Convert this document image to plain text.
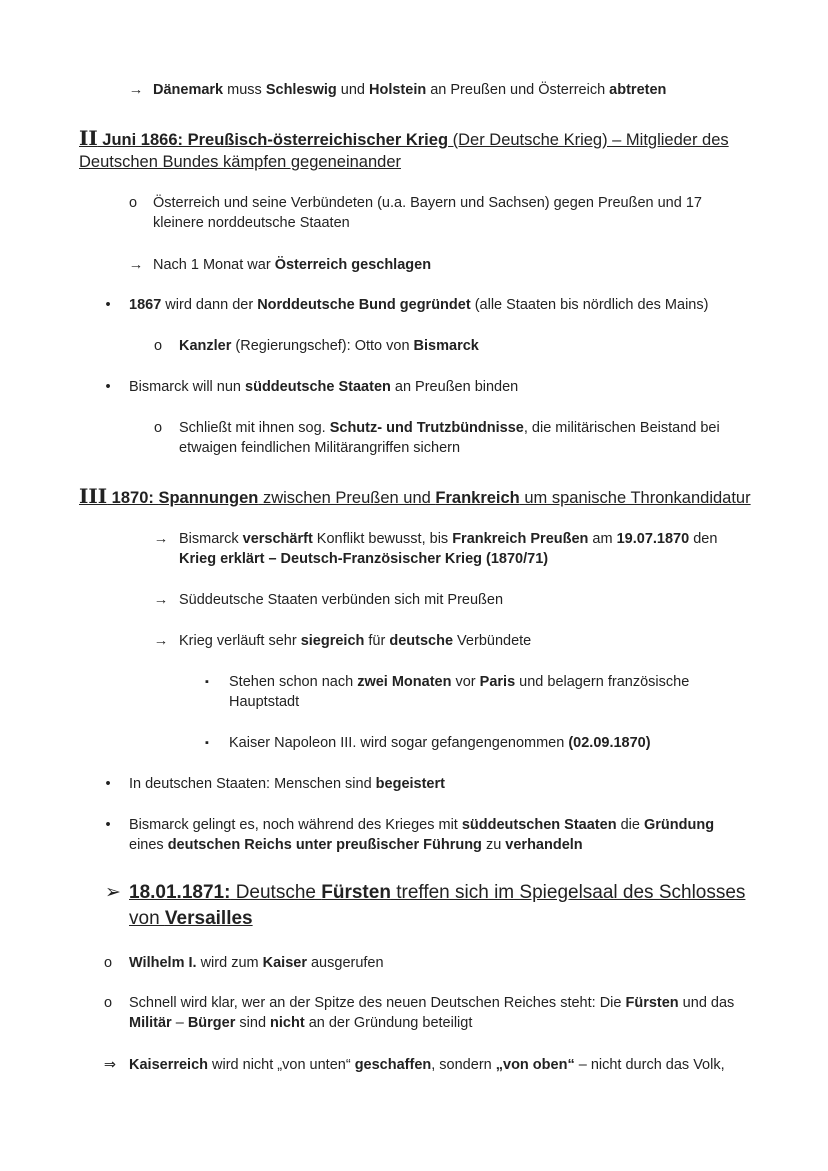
→ Dänemark muss Schleswig und Holstein an Preußen und Österreich abtreten
II Juni 1866: Preußisch-österreichischer Krieg (Der Deutsche Krieg) – Mitglieder des
Deutschen Bundes kämpfen gegeneinander
o Österreich und seine Verbündeten (u.a. Bayern und Sachsen) gegen Preußen und 17
kleinere norddeutsche Staaten
→ Nach 1 Monat war Österreich geschlagen
•	1867 wird dann der Norddeutsche Bund gegründet (alle Staaten bis nördlich des Mains)
o Kanzler (Regierungschef): Otto von Bismarck
•	Bismarck will nun süddeutsche Staaten an Preußen binden
o Schließt mit ihnen sog. Schutz- und Trutzbündnisse, die militärischen Beistand bei
etwaigen feindlichen Militärangriffen sichern
III 1870: Spannungen zwischen Preußen und Frankreich um spanische Thronkandidatur
→ Bismarck verschärft Konflikt bewusst, bis Frankreich Preußen am 19.07.1870 den
Krieg erklärt – Deutsch-Französischer Krieg (1870/71)
→ Süddeutsche Staaten verbünden sich mit Preußen
→ Krieg verläuft sehr siegreich für deutsche Verbündete
▪	Stehen schon nach zwei Monaten vor Paris und belagern französische
Hauptstadt
▪	Kaiser Napoleon III. wird sogar gefangengenommen (02.09.1870)
•	In deutschen Staaten: Menschen sind begeistert
•	Bismarck gelingt es, noch während des Krieges mit süddeutschen Staaten die Gründung
eines deutschen Reichs unter preußischer Führung zu verhandeln
➢ 18.01.1871: Deutsche Fürsten treffen sich im Spiegelsaal des Schlosses
von Versailles
o Wilhelm I. wird zum Kaiser ausgerufen
o Schnell wird klar, wer an der Spitze des neuen Deutschen Reiches steht: Die Fürsten und das
Militär – Bürger sind nicht an der Gründung beteiligt
⇒ Kaiserreich wird nicht „von unten“ geschaffen, sondern „von oben“ – nicht durch das Volk,
